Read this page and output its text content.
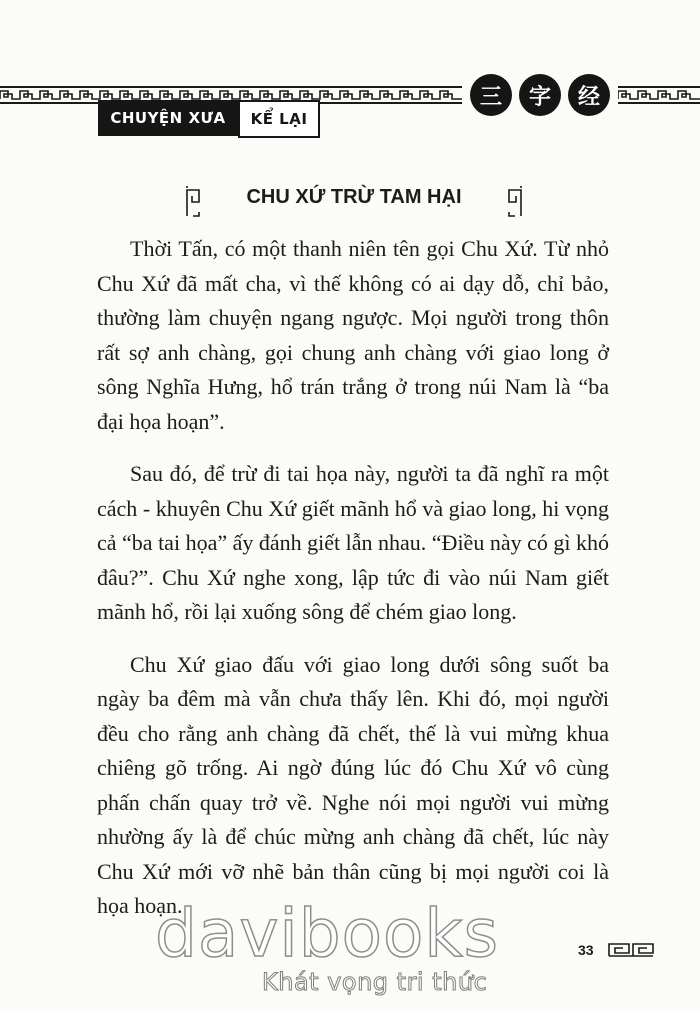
三	字	经
CHUYỆN XƯA	KỂ LẠI
CHU XỨ TRỪ TAM HẠI

Thời Tấn, có một thanh niên tên gọi Chu Xứ. Từ nhỏ Chu Xứ đã mất cha, vì thế không có ai dạy dỗ, chỉ bảo, thường làm chuyện ngang ngược. Mọi người trong thôn rất sợ anh chàng, gọi chung anh chàng với giao long ở sông Nghĩa Hưng, hổ trán trắng ở trong núi Nam là “ba đại họa hoạn”.

Sau đó, để trừ đi tai họa này, người ta đã nghĩ ra một cách - khuyên Chu Xứ giết mãnh hổ và giao long, hi vọng cả “ba tai họa” ấy đánh giết lẫn nhau. “Điều này có gì khó đâu?”. Chu Xứ nghe xong, lập tức đi vào núi Nam giết mãnh hổ, rồi lại xuống sông để chém giao long.

Chu Xứ giao đấu với giao long dưới sông suốt ba ngày ba đêm mà vẫn chưa thấy lên. Khi đó, mọi người đều cho rằng anh chàng đã chết, thế là vui mừng khua chiêng gõ trống. Ai ngờ đúng lúc đó Chu Xứ vô cùng phấn chấn quay trở về. Nghe nói mọi người vui mừng nhường ấy là để chúc mừng anh chàng đã chết, lúc này Chu Xứ mới vỡ nhẽ bản thân cũng bị mọi người coi là họa hoạn.

davibooks
Khát vọng tri thức
33
